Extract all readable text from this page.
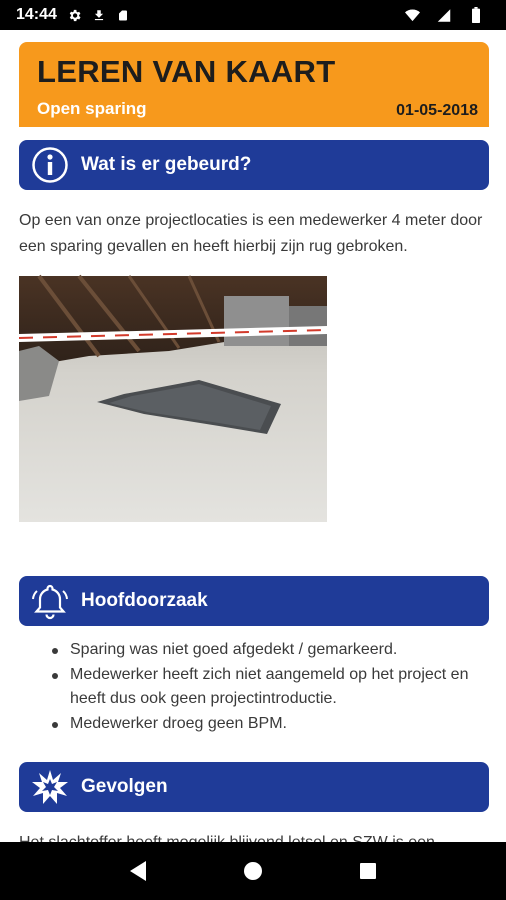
14:44
LEREN VAN KAART
Open sparing	01-05-2018
Wat is er gebeurd?
Op een van onze projectlocaties is een medewerker 4 meter door een sparing gevallen en heeft hierbij zijn rug gebroken.
Hoofdoorzaak
Sparing was niet goed afgedekt / gemarkeerd.
Medewerker heeft zich niet aangemeld op het project en heeft dus ook geen projectintroductie.
Medewerker droeg geen BPM.
Gevolgen
